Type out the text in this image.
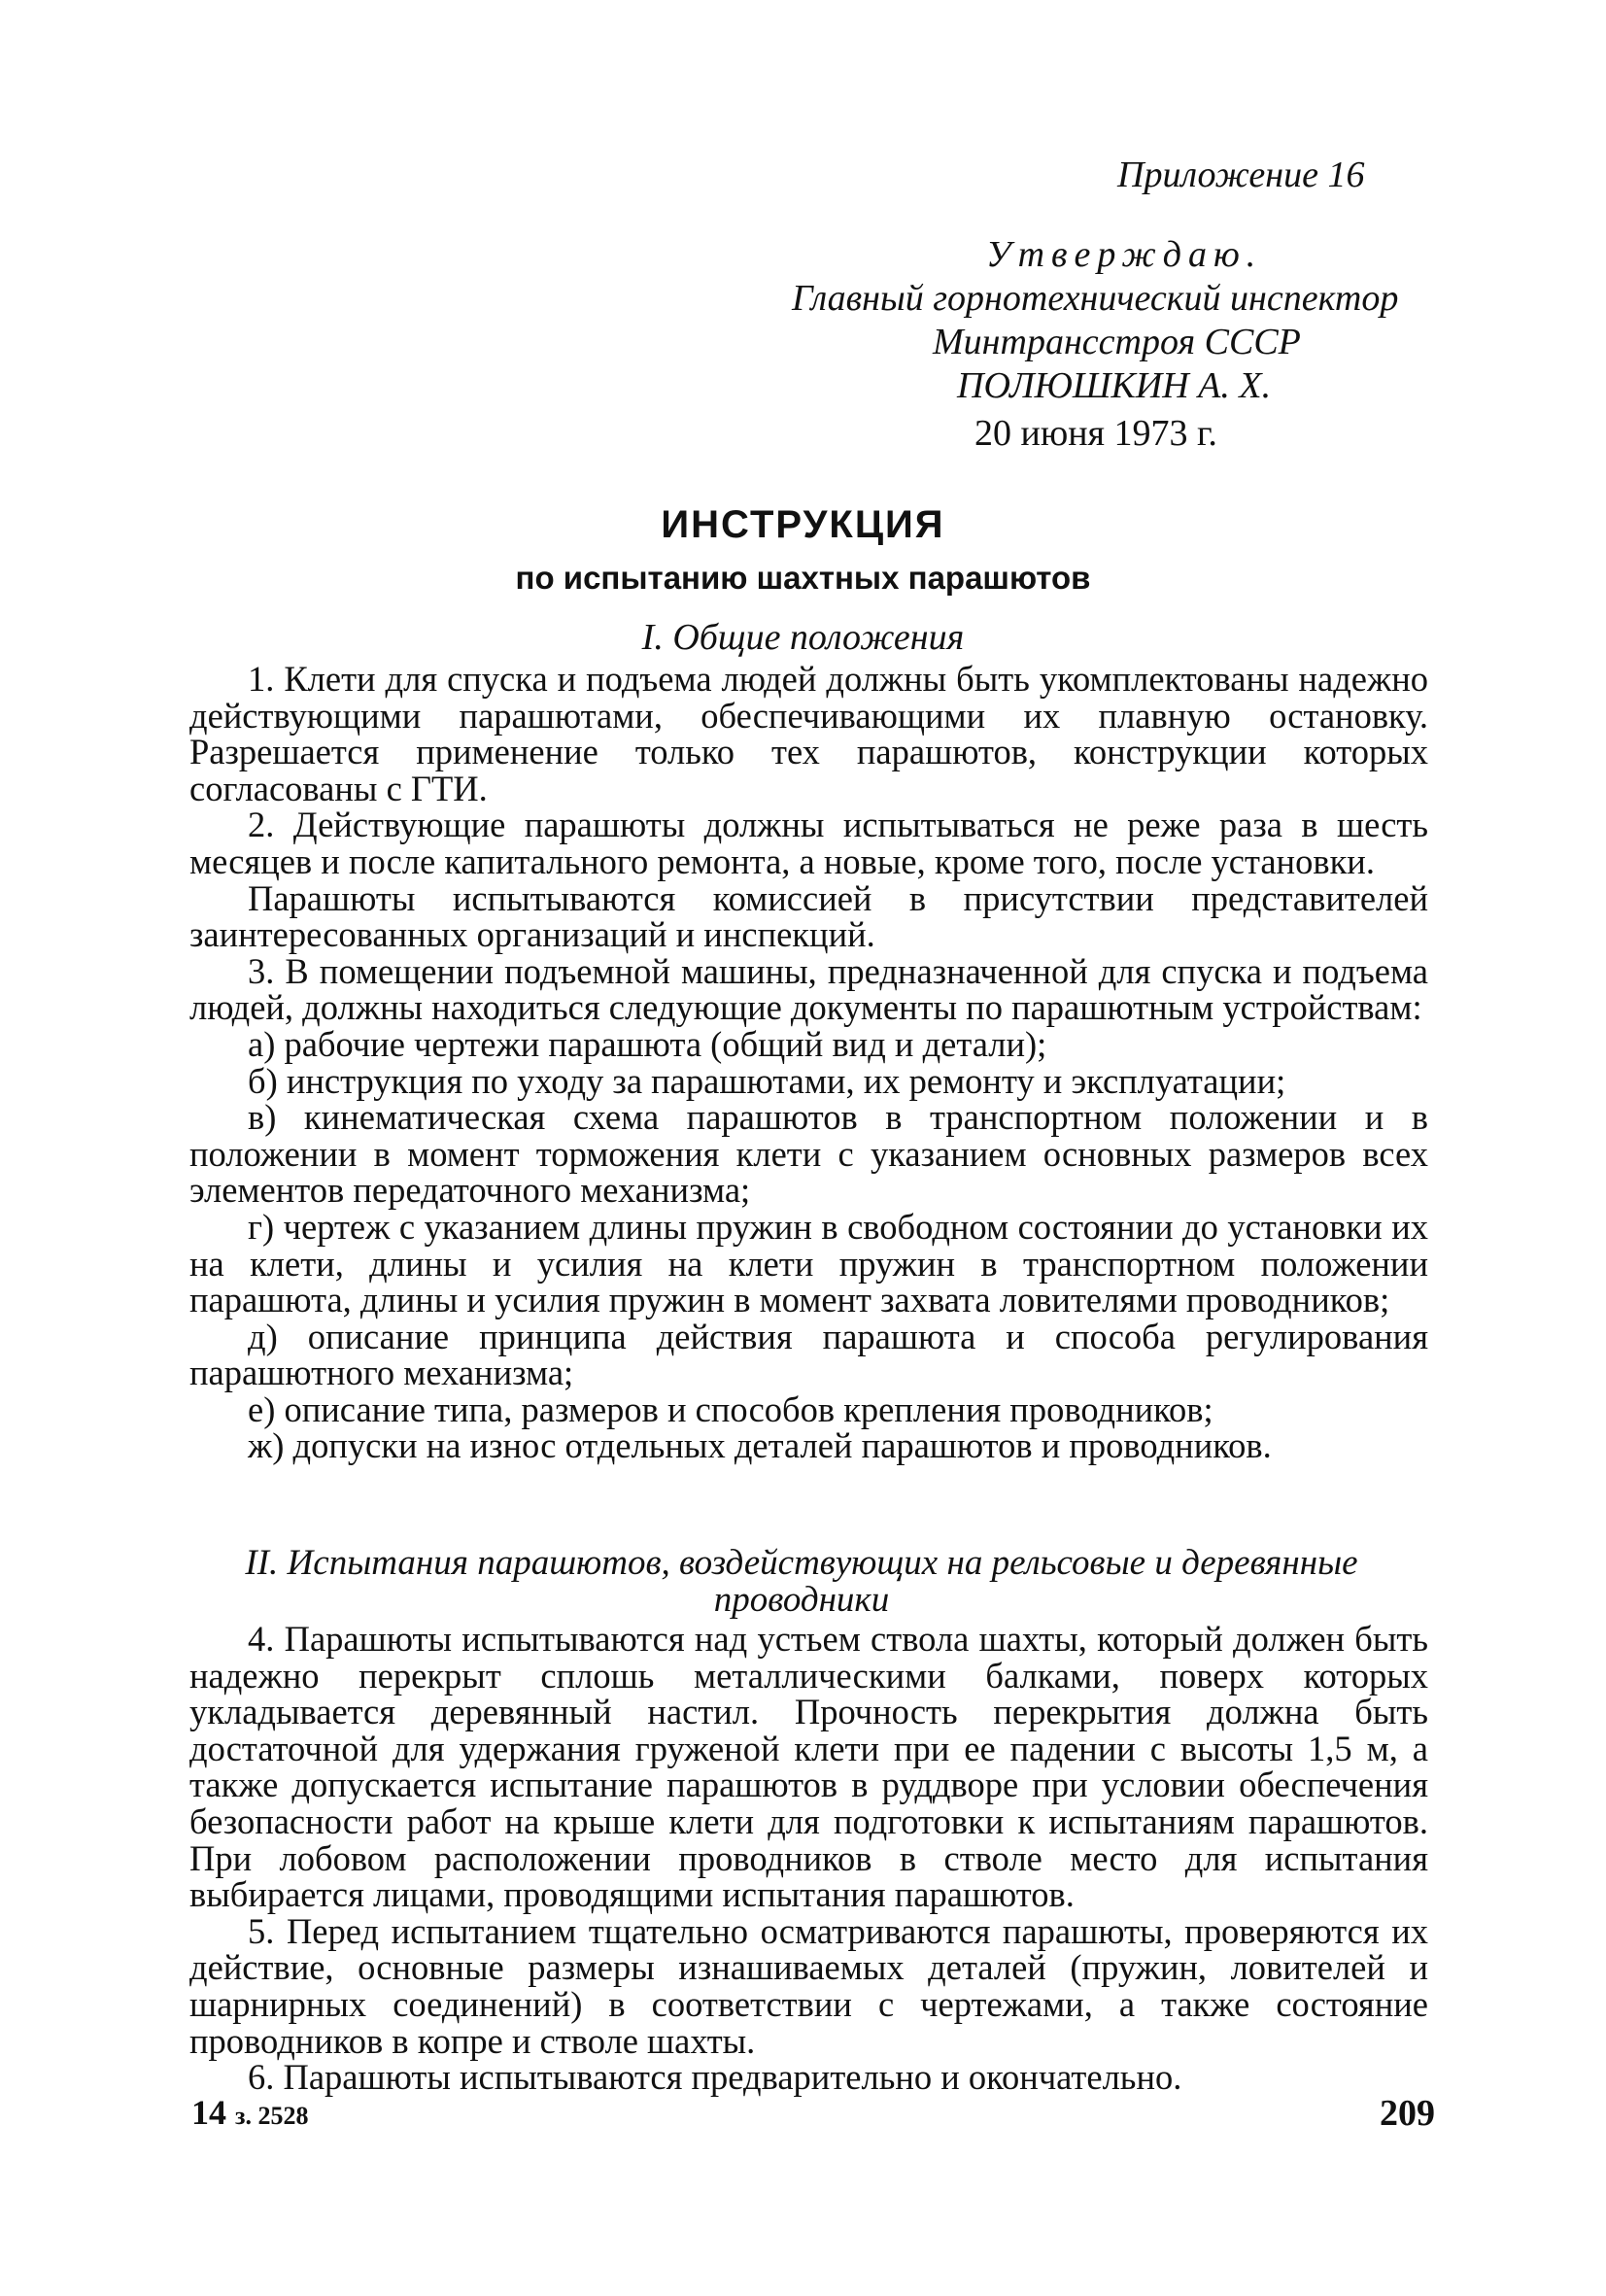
Приложение 16
Утверждаю.
Главный горнотехнический инспектор
Минтрансстроя СССР
ПОЛЮШКИН А. Х.
20 июня 1973 г.
ИНСТРУКЦИЯ
по испытанию шахтных парашютов
I. Общие положения

1. Клети для спуска и подъема людей должны быть укомплектованы надежно действующими парашютами, обеспечивающими их плавную остановку. Разрешается применение только тех парашютов, конструкции которых согласованы с ГТИ.

2. Действующие парашюты должны испытываться не реже раза в шесть месяцев и после капитального ремонта, а новые, кроме того, после установки.

Парашюты испытываются комиссией в присутствии представителей заинтересованных организаций и инспекций.

3. В помещении подъемной машины, предназначенной для спуска и подъема людей, должны находиться следующие документы по парашютным устройствам:

а) рабочие чертежи парашюта (общий вид и детали);

б) инструкция по уходу за парашютами, их ремонту и эксплуатации;

в) кинематическая схема парашютов в транспортном положении и в положении в момент торможения клети с указанием основных размеров всех элементов передаточного механизма;

г) чертеж с указанием длины пружин в свободном состоянии до установки их на клети, длины и усилия на клети пружин в транспортном положении парашюта, длины и усилия пружин в момент захвата ловителями проводников;

д) описание принципа действия парашюта и способа регулирования парашютного механизма;

е) описание типа, размеров и способов крепления проводников;

ж) допуски на износ отдельных деталей парашютов и проводников.

II. Испытания парашютов, воздействующих на рельсовые и деревянные проводники

4. Парашюты испытываются над устьем ствола шахты, который должен быть надежно перекрыт сплошь металлическими балками, поверх которых укладывается деревянный настил. Прочность перекрытия должна быть достаточной для удержания груженой клети при ее падении с высоты 1,5 м, а также допускается испытание парашютов в руддворе при условии обеспечения безопасности работ на крыше клети для подготовки к испытаниям парашютов. При лобовом расположении проводников в стволе место для испытания выбирается лицами, проводящими испытания парашютов.

5. Перед испытанием тщательно осматриваются парашюты, проверяются их действие, основные размеры изнашиваемых деталей (пружин, ловителей и шарнирных соединений) в соответствии с чертежами, а также состояние проводников в копре и стволе шахты.

6. Парашюты испытываются предварительно и окончательно.

14 з. 2528	209
